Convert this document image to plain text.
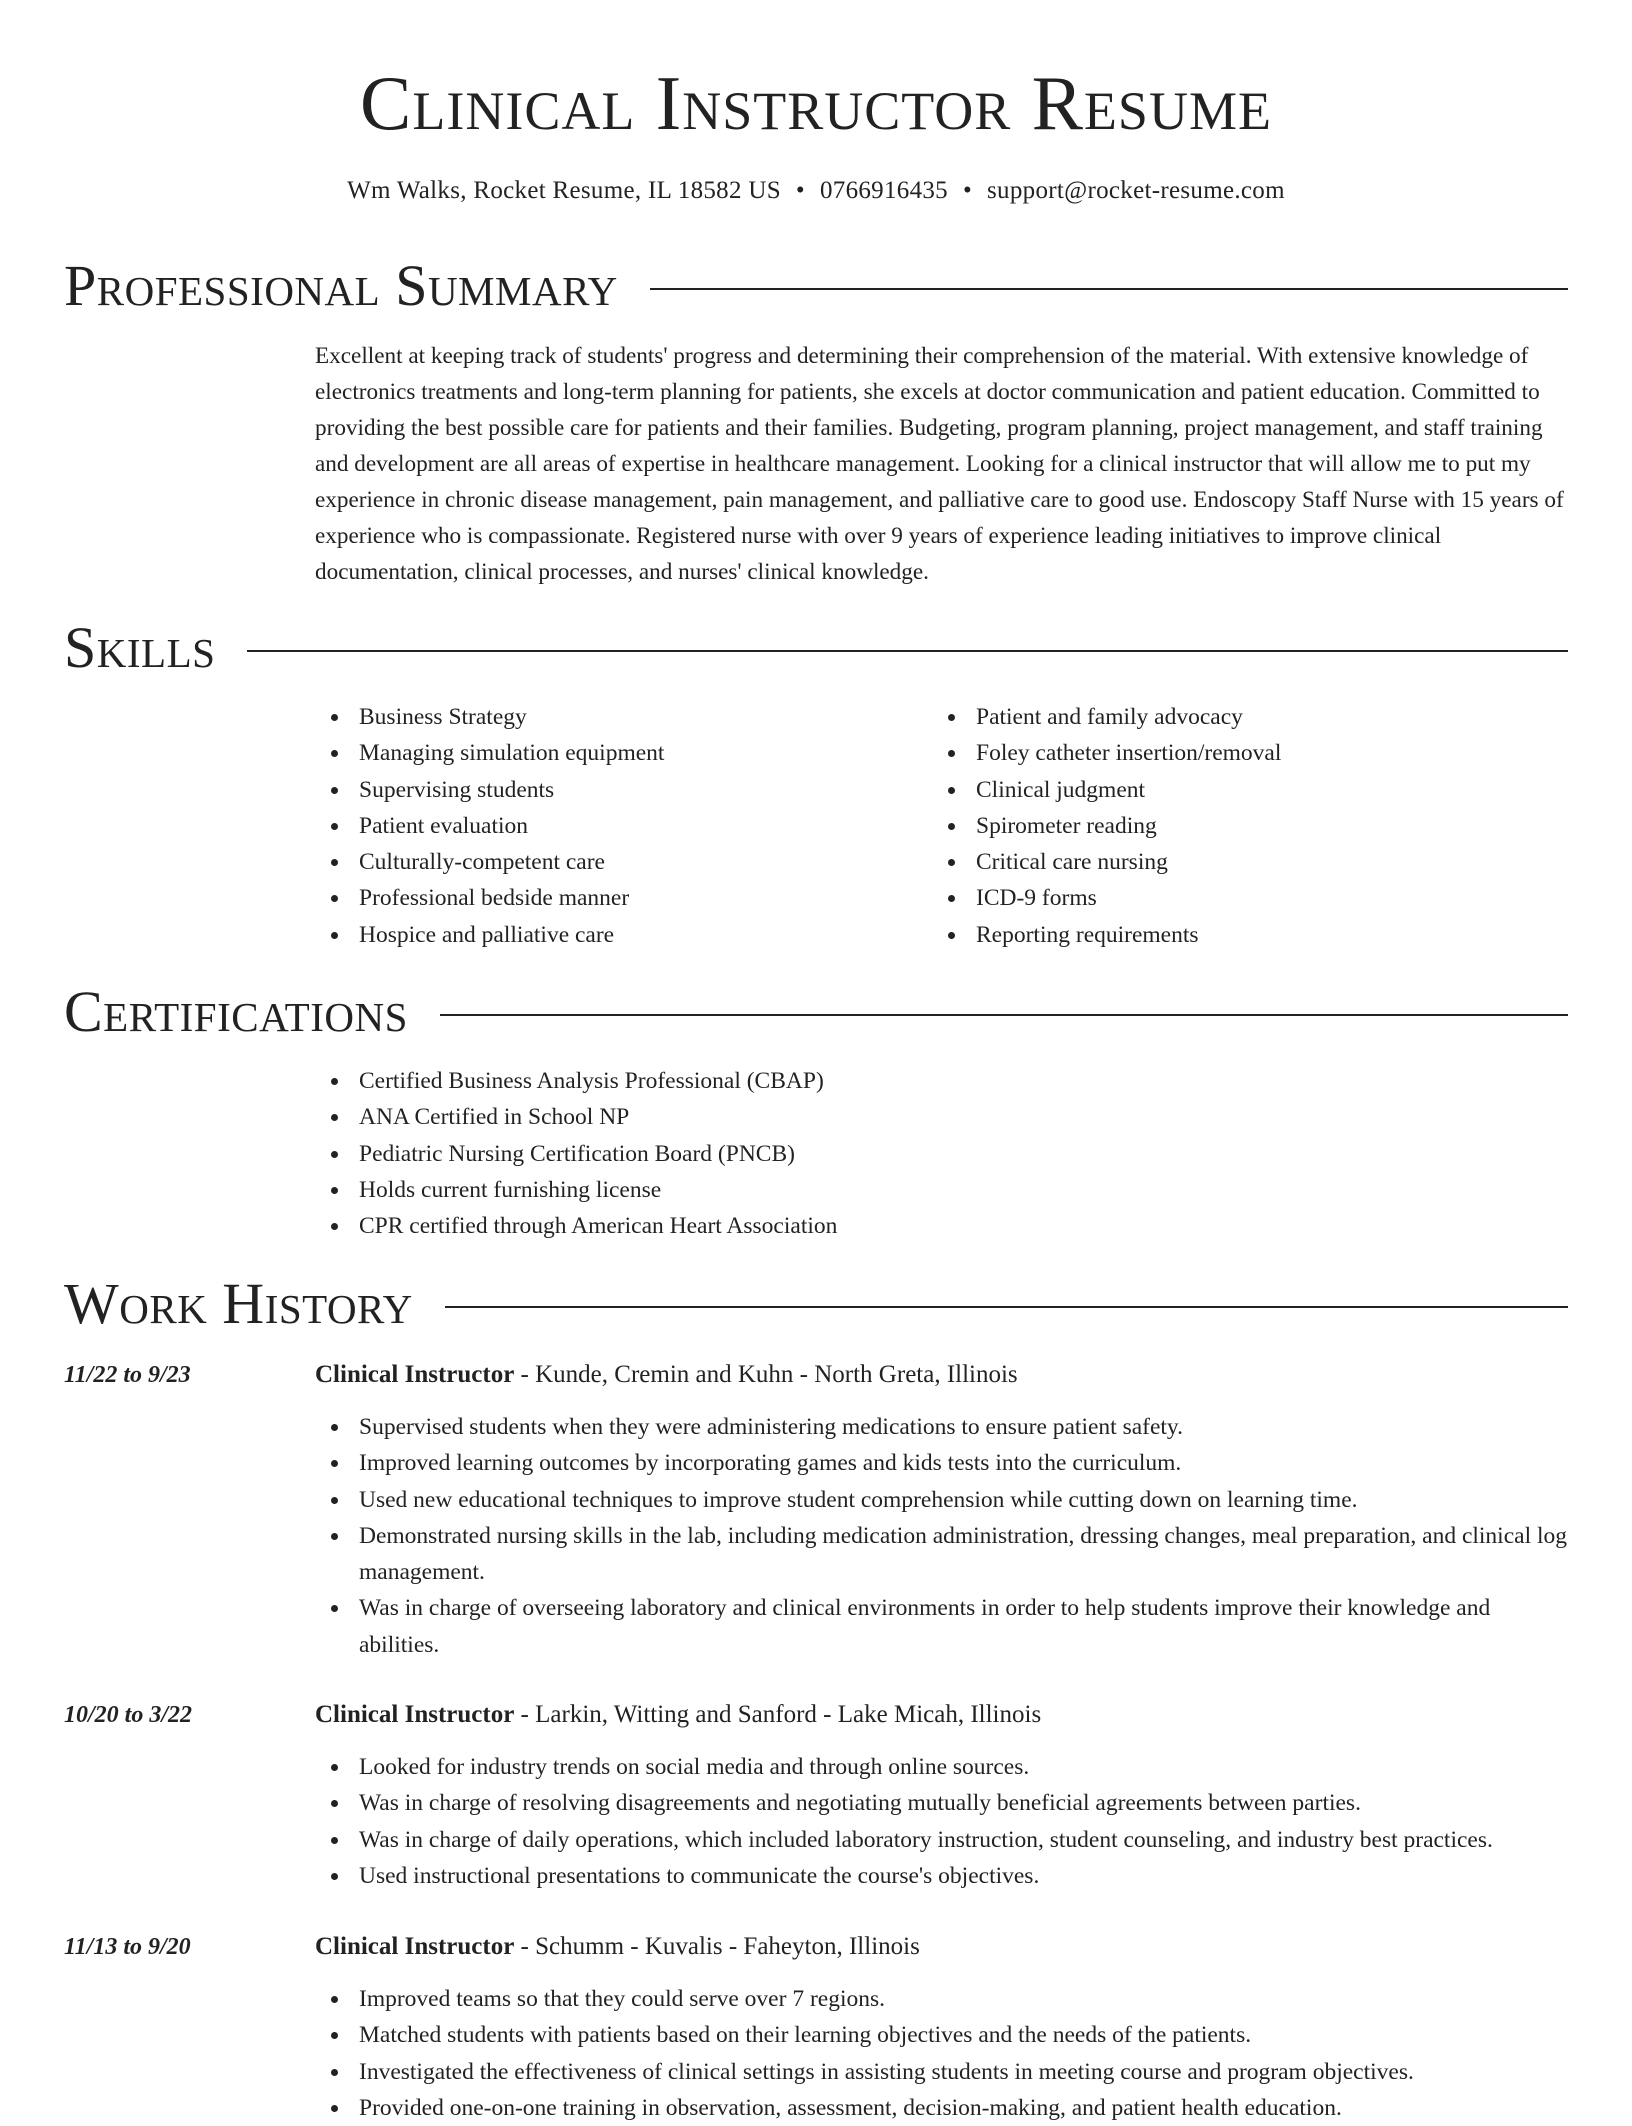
Clinical Instructor Resume
Wm Walks, Rocket Resume, IL 18582 US • 0766916435 • support@rocket-resume.com
Professional Summary

Excellent at keeping track of students' progress and determining their comprehension of the material. With extensive knowledge of electronics treatments and long-term planning for patients, she excels at doctor communication and patient education. Committed to providing the best possible care for patients and their families. Budgeting, program planning, project management, and staff training and development are all areas of expertise in healthcare management. Looking for a clinical instructor that will allow me to put my experience in chronic disease management, pain management, and palliative care to good use. Endoscopy Staff Nurse with 15 years of experience who is compassionate. Registered nurse with over 9 years of experience leading initiatives to improve clinical documentation, clinical processes, and nurses' clinical knowledge.

Skills
Business Strategy
Managing simulation equipment
Supervising students
Patient evaluation
Culturally-competent care
Professional bedside manner
Hospice and palliative care
Patient and family advocacy
Foley catheter insertion/removal
Clinical judgment
Spirometer reading
Critical care nursing
ICD-9 forms
Reporting requirements
Certifications
Certified Business Analysis Professional (CBAP)
ANA Certified in School NP
Pediatric Nursing Certification Board (PNCB)
Holds current furnishing license
CPR certified through American Heart Association
Work History
11/22 to 9/23	Clinical Instructor - Kunde, Cremin and Kuhn - North Greta, Illinois
Supervised students when they were administering medications to ensure patient safety.
Improved learning outcomes by incorporating games and kids tests into the curriculum.
Used new educational techniques to improve student comprehension while cutting down on learning time.
Demonstrated nursing skills in the lab, including medication administration, dressing changes, meal preparation, and clinical log management.
Was in charge of overseeing laboratory and clinical environments in order to help students improve their knowledge and abilities.
10/20 to 3/22	Clinical Instructor - Larkin, Witting and Sanford - Lake Micah, Illinois
Looked for industry trends on social media and through online sources.
Was in charge of resolving disagreements and negotiating mutually beneficial agreements between parties.
Was in charge of daily operations, which included laboratory instruction, student counseling, and industry best practices.
Used instructional presentations to communicate the course's objectives.
11/13 to 9/20	Clinical Instructor - Schumm - Kuvalis - Faheyton, Illinois
Improved teams so that they could serve over 7 regions.
Matched students with patients based on their learning objectives and the needs of the patients.
Investigated the effectiveness of clinical settings in assisting students in meeting course and program objectives.
Provided one-on-one training in observation, assessment, decision-making, and patient health education.
